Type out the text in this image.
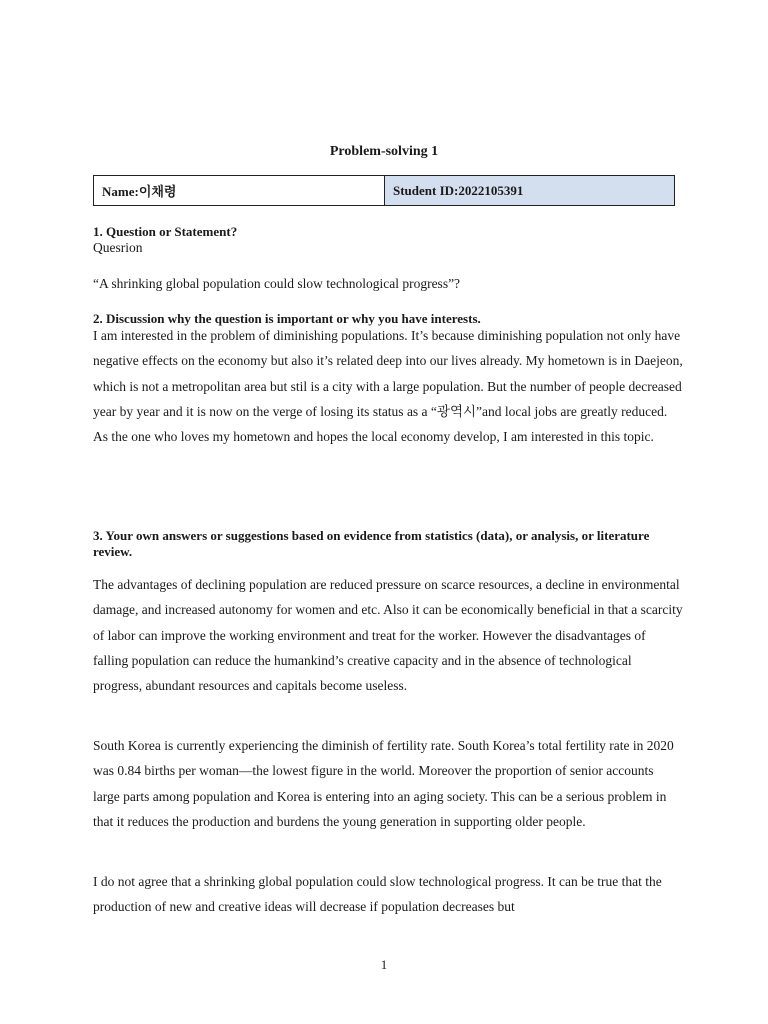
Problem-solving 1
Name:이채령	Student ID:2022105391
1. Question or Statement?
Quesrion
“A shrinking global population could slow technological progress”?
2. Discussion why the question is important or why you have interests.
I am interested in the problem of diminishing populations. It’s because diminishing population not only have negative effects on the economy but also it’s related deep into our lives already. My hometown is in Daejeon, which is not a metropolitan area but stil is a city with a large population. But the number of people decreased year by year and it is now on the verge of losing its status as a “광역시”and local jobs are greatly reduced. As the one who loves my hometown and hopes the local economy develop, I am interested in this topic.
3. Your own answers or suggestions based on evidence from statistics (data), or analysis, or literature review.
The advantages of declining population are reduced pressure on scarce resources, a decline in environmental damage, and increased autonomy for women and etc. Also it can be economically beneficial in that a scarcity of labor can improve the working environment and treat for the worker. However the disadvantages of falling population can reduce the humankind’s creative capacity and in the absence of technological progress, abundant resources and capitals become useless.
South Korea is currently experiencing the diminish of fertility rate. South Korea’s total fertility rate in 2020 was 0.84 births per woman—the lowest figure in the world. Moreover the proportion of senior accounts large parts among population and Korea is entering into an aging society. This can be a serious problem in that it reduces the production and burdens the young generation in supporting older people.
I do not agree that a shrinking global population could slow technological progress. It can be true that the production of new and creative ideas will decrease if population decreases but
1
